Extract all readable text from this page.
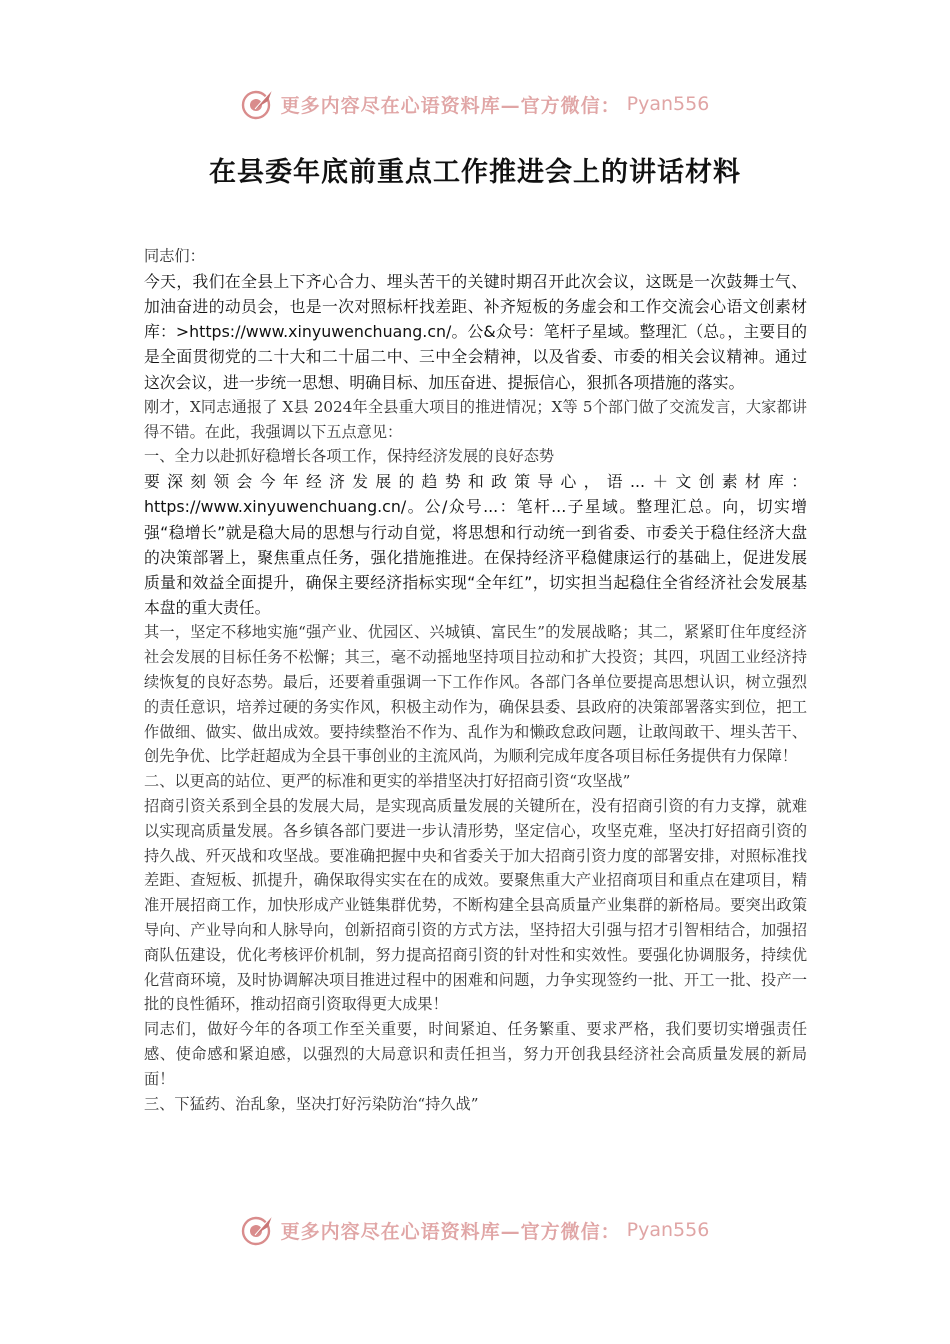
更多内容尽在心语资料库—官方微信： Pyan556
在县委年底前重点工作推进会上的讲话材料

同志们：

今天，我们在全县上下齐心合力、埋头苦干的关键时期召开此次会议，这既是一次鼓舞士气、加油奋进的动员会，也是一次对照标杆找差距、补齐短板的务虚会和工作交流会心语文创素材库：>https://www.xinyuwenchuang.cn/。公&众号：笔杆子星域。整理汇（总。，主要目的是全面贯彻党的二十大和二十届二中、三中全会精神，以及省委、市委的相关会议精神。通过这次会议，进一步统一思想、明确目标、加压奋进、提振信心，狠抓各项措施的落实。

刚才，X同志通报了 X县 2024年全县重大项目的推进情况；X等 5个部门做了交流发言，大家都讲得不错。在此，我强调以下五点意见：

一、全力以赴抓好稳增长各项工作，保持经济发展的良好态势

要深刻领会今年经济发展的趋势和政策导心，语...＋文创素材库：https://www.xinyuwenchuang.cn/。公/众号...：笔杆...子星域。整理汇总。向，切实增强“稳增长”就是稳大局的思想与行动自觉，将思想和行动统一到省委、市委关于稳住经济大盘的决策部署上，聚焦重点任务，强化措施推进。在保持经济平稳健康运行的基础上，促进发展质量和效益全面提升，确保主要经济指标实现“全年红”，切实担当起稳住全省经济社会发展基本盘的重大责任。

其一，坚定不移地实施“强产业、优园区、兴城镇、富民生”的发展战略；其二，紧紧盯住年度经济社会发展的目标任务不松懈；其三，毫不动摇地坚持项目拉动和扩大投资；其四，巩固工业经济持续恢复的良好态势。最后，还要着重强调一下工作作风。各部门各单位要提高思想认识，树立强烈的责任意识，培养过硬的务实作风，积极主动作为，确保县委、县政府的决策部署落实到位，把工作做细、做实、做出成效。要持续整治不作为、乱作为和懒政怠政问题，让敢闯敢干、埋头苦干、创先争优、比学赶超成为全县干事创业的主流风尚，为顺利完成年度各项目标任务提供有力保障！

二、以更高的站位、更严的标准和更实的举措坚决打好招商引资“攻坚战”

招商引资关系到全县的发展大局，是实现高质量发展的关键所在，没有招商引资的有力支撑，就难以实现高质量发展。各乡镇各部门要进一步认清形势，坚定信心，攻坚克难，坚决打好招商引资的持久战、歼灭战和攻坚战。要准确把握中央和省委关于加大招商引资力度的部署安排，对照标准找差距、查短板、抓提升，确保取得实实在在的成效。要聚焦重大产业招商项目和重点在建项目，精准开展招商工作，加快形成产业链集群优势，不断构建全县高质量产业集群的新格局。要突出政策导向、产业导向和人脉导向，创新招商引资的方式方法，坚持招大引强与招才引智相结合，加强招商队伍建设，优化考核评价机制，努力提高招商引资的针对性和实效性。要强化协调服务，持续优化营商环境，及时协调解决项目推进过程中的困难和问题，力争实现签约一批、开工一批、投产一批的良性循环，推动招商引资取得更大成果！

同志们，做好今年的各项工作至关重要，时间紧迫、任务繁重、要求严格，我们要切实增强责任感、使命感和紧迫感，以强烈的大局意识和责任担当，努力开创我县经济社会高质量发展的新局面！

三、下猛药、治乱象，坚决打好污染防治“持久战”

更多内容尽在心语资料库—官方微信： Pyan556
